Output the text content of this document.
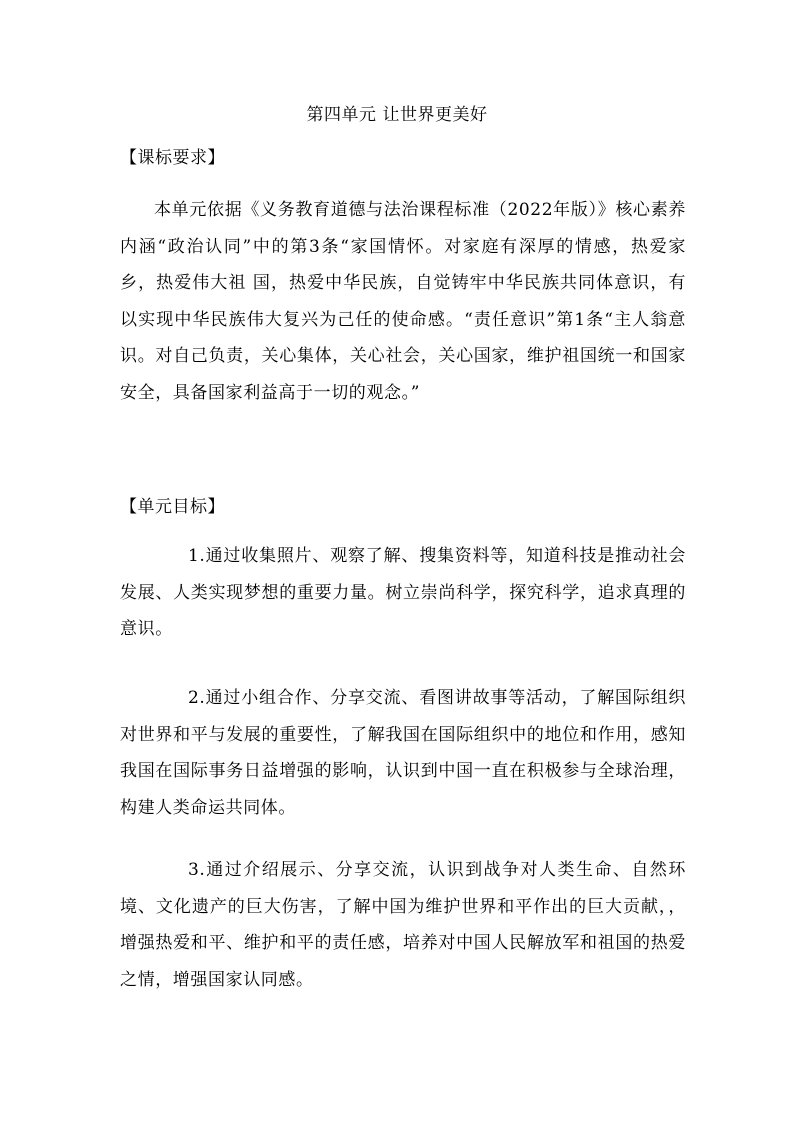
第四单元 让世界更美好
【课标要求】

本单元依据《义务教育道德与法治课程标准（2022年版）》核心素养内涵“政治认同”中的第3条“家国情怀。对家庭有深厚的情感，热爱家乡，热爱伟大祖 国，热爱中华民族，自觉铸牢中华民族共同体意识，有以实现中华民族伟大复兴为己任的使命感。“责任意识”第1条“主人翁意识。对自己负责，关心集体，关心社会，关心国家，维护祖国统一和国家安全，具备国家利益高于一切的观念。”

【单元目标】

1.通过收集照片、观察了解、搜集资料等，知道科技是推动社会发展、人类实现梦想的重要力量。树立崇尚科学，探究科学，追求真理的意识。

2.通过小组合作、分享交流、看图讲故事等活动，了解国际组织对世界和平与发展的重要性，了解我国在国际组织中的地位和作用，感知我国在国际事务日益增强的影响，认识到中国一直在积极参与全球治理，构建人类命运共同体。

3.通过介绍展示、分享交流，认识到战争对人类生命、自然环境、文化遗产的巨大伤害，了解中国为维护世界和平作出的巨大贡献，，增强热爱和平、维护和平的责任感，培养对中国人民解放军和祖国的热爱之情，增强国家认同感。
